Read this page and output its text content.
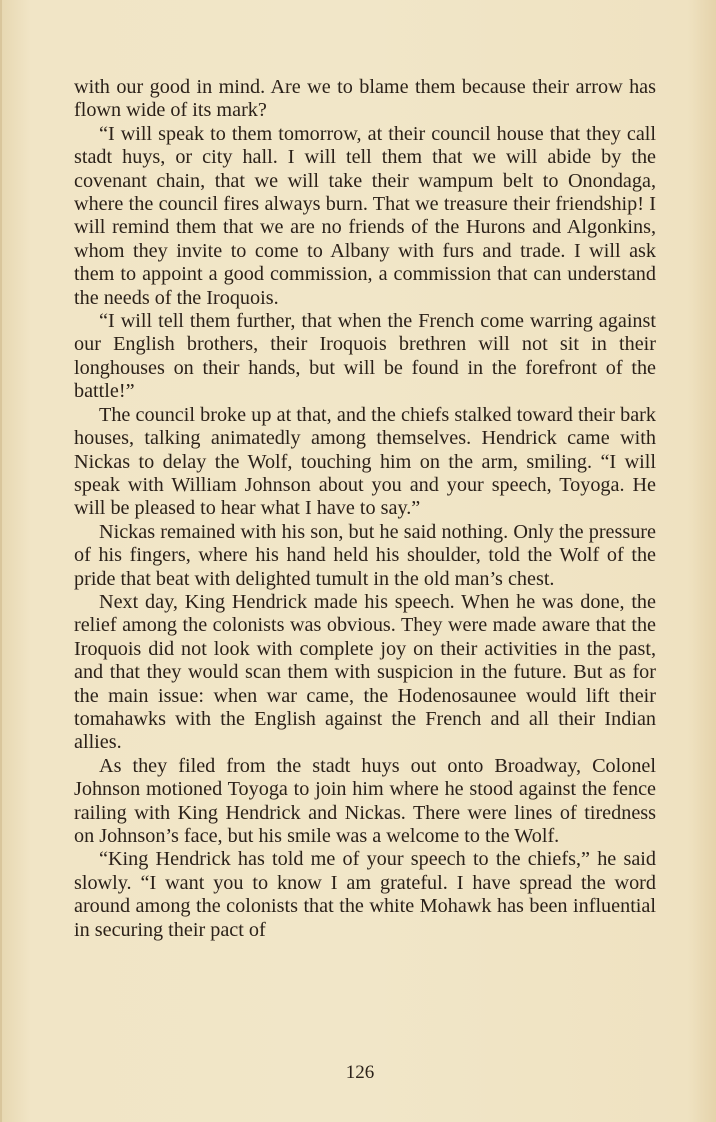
with our good in mind. Are we to blame them because their arrow has flown wide of its mark?

“I will speak to them tomorrow, at their council house that they call stadt huys, or city hall. I will tell them that we will abide by the covenant chain, that we will take their wampum belt to Onondaga, where the council fires always burn. That we treasure their friendship! I will remind them that we are no friends of the Hurons and Algonkins, whom they invite to come to Albany with furs and trade. I will ask them to appoint a good commission, a commission that can understand the needs of the Iroquois.

“I will tell them further, that when the French come warring against our English brothers, their Iroquois brethren will not sit in their longhouses on their hands, but will be found in the forefront of the battle!”

The council broke up at that, and the chiefs stalked toward their bark houses, talking animatedly among themselves. Hendrick came with Nickas to delay the Wolf, touching him on the arm, smiling. “I will speak with William Johnson about you and your speech, Toyoga. He will be pleased to hear what I have to say.”

Nickas remained with his son, but he said nothing. Only the pressure of his fingers, where his hand held his shoulder, told the Wolf of the pride that beat with delighted tumult in the old man’s chest.

Next day, King Hendrick made his speech. When he was done, the relief among the colonists was obvious. They were made aware that the Iroquois did not look with complete joy on their activities in the past, and that they would scan them with suspicion in the future. But as for the main issue: when war came, the Hodenosaunee would lift their tomahawks with the English against the French and all their Indian allies.

As they filed from the stadt huys out onto Broadway, Colonel Johnson motioned Toyoga to join him where he stood against the fence railing with King Hendrick and Nickas. There were lines of tiredness on Johnson’s face, but his smile was a welcome to the Wolf.

“King Hendrick has told me of your speech to the chiefs,” he said slowly. “I want you to know I am grateful. I have spread the word around among the colonists that the white Mohawk has been influential in securing their pact of

126
